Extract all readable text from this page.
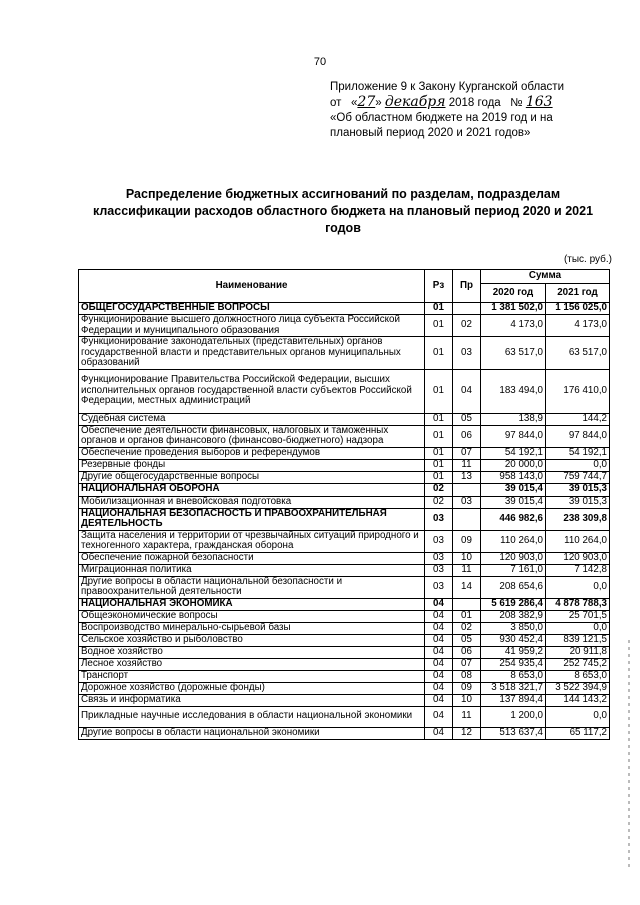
70
Приложение 9 к Закону Курганской области
от «27» декабря 2018 года № 163
«Об областном бюджете на 2019 год и на
плановый период 2020 и 2021 годов»
Распределение бюджетных ассигнований по разделам, подразделам классификации расходов областного бюджета на плановый период 2020 и 2021 годов
(тыс. руб.)
Наименование	Рз	Пр	Сумма	
			2020 год	2021 год
ОБЩЕГОСУДАРСТВЕННЫЕ ВОПРОСЫ	01		1 381 502,0	1 156 025,0
Функционирование высшего должностного лица субъекта Российской Федерации и муниципального образования	01	02	4 173,0	4 173,0
Функционирование законодательных (представительных) органов государственной власти и представительных органов муниципальных образований	01	03	63 517,0	63 517,0
Функционирование Правительства Российской Федерации, высших исполнительных органов государственной власти субъектов Российской Федерации, местных администраций	01	04	183 494,0	176 410,0
Судебная система	01	05	138,9	144,2
Обеспечение деятельности финансовых, налоговых и таможенных органов и органов финансового (финансово-бюджетного) надзора	01	06	97 844,0	97 844,0
Обеспечение проведения выборов и референдумов	01	07	54 192,1	54 192,1
Резервные фонды	01	11	20 000,0	0,0
Другие общегосударственные вопросы	01	13	958 143,0	759 744,7
НАЦИОНАЛЬНАЯ ОБОРОНА	02		39 015,4	39 015,3
Мобилизационная и вневойсковая подготовка	02	03	39 015,4	39 015,3
НАЦИОНАЛЬНАЯ БЕЗОПАСНОСТЬ И ПРАВООХРАНИТЕЛЬНАЯ ДЕЯТЕЛЬНОСТЬ	03		446 982,6	238 309,8
Защита населения и территории от чрезвычайных ситуаций природного и техногенного характера, гражданская оборона	03	09	110 264,0	110 264,0
Обеспечение пожарной безопасности	03	10	120 903,0	120 903,0
Миграционная политика	03	11	7 161,0	7 142,8
Другие вопросы в области национальной безопасности и правоохранительной деятельности	03	14	208 654,6	0,0
НАЦИОНАЛЬНАЯ ЭКОНОМИКА	04		5 619 286,4	4 878 788,3
Общеэкономические вопросы	04	01	208 382,9	25 701,5
Воспроизводство минерально-сырьевой базы	04	02	3 850,0	0,0
Сельское хозяйство и рыболовство	04	05	930 452,4	839 121,5
Водное хозяйство	04	06	41 959,2	20 911,8
Лесное хозяйство	04	07	254 935,4	252 745,2
Транспорт	04	08	8 653,0	8 653,0
Дорожное хозяйство (дорожные фонды)	04	09	3 518 321,7	3 522 394,9
Связь и информатика	04	10	137 894,4	144 143,2
Прикладные научные исследования в области национальной экономики	04	11	1 200,0	0,0
Другие вопросы в области национальной экономики	04	12	513 637,4	65 117,2
